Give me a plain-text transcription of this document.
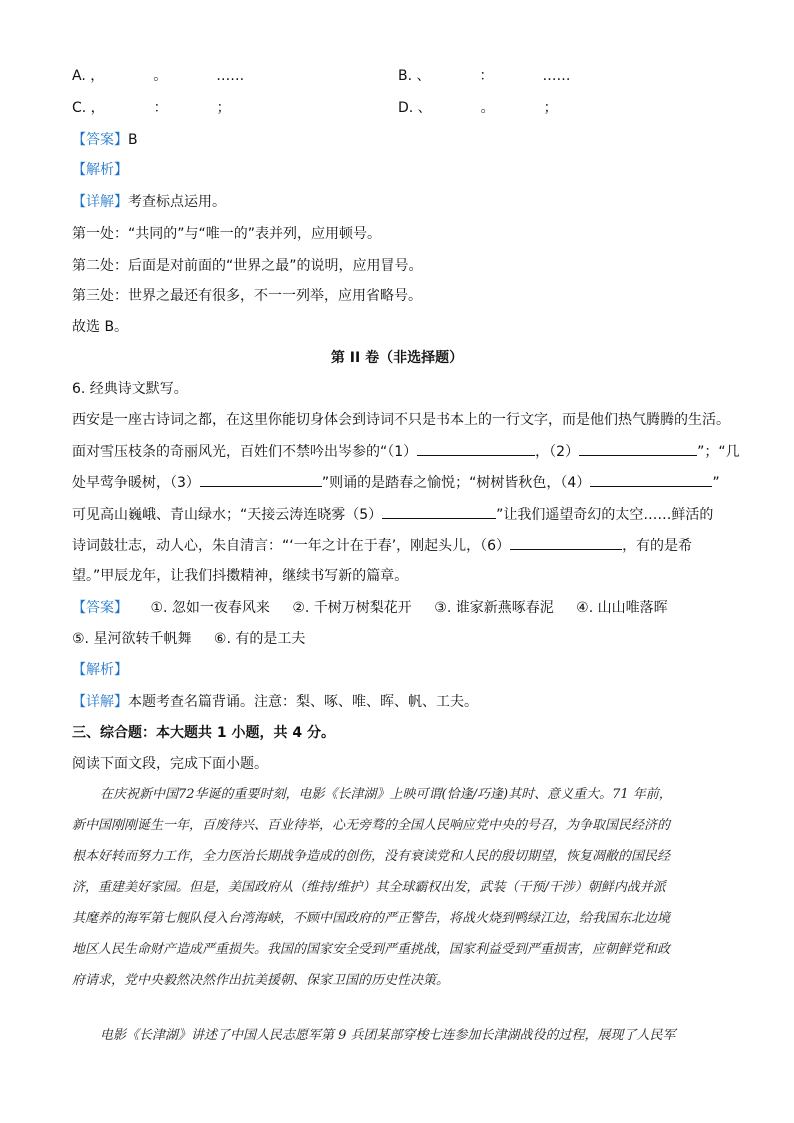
A. ，　　　　。　　　　……	B. 、　　　　：　　　　……
C. ，　　　　：　　　　；	D. 、　　　　。　　　　；
【答案】B
【解析】
【详解】考查标点运用。
第一处：“共同的”与“唯一的”表并列，应用顿号。
第二处：后面是对前面的“世界之最”的说明，应用冒号。
第三处：世界之最还有很多，不一一列举，应用省略号。
故选 B。
第 II 卷（非选择题）
6. 经典诗文默写。
西安是一座古诗词之都，在这里你能切身体会到诗词不只是书本上的一行文字，而是他们热气腾腾的生活。
面对雪压枝条的奇丽风光，百姓们不禁吟出岑参的“（1）	，（2）	”；“几
处早莺争暖树，（3）	”则诵的是踏春之愉悦；“树树皆秋色，（4）	”
可见高山巍峨、青山绿水；“天接云涛连晓雾（5）	”让我们遥望奇幻的太空……鲜活的
诗词鼓壮志，动人心，朱自清言：“‘一年之计在于春’，刚起头儿，（6）	，有的是希
望。”甲辰龙年，让我们抖擞精神，继续书写新的篇章。
【答案】 ①. 忽如一夜春风来 ②. 千树万树梨花开 ③. 谁家新燕啄春泥 ④. 山山唯落晖
⑤. 星河欲转千帆舞 ⑥. 有的是工夫
【解析】
【详解】本题考查名篇背诵。注意：梨、啄、唯、晖、帆、工夫。
三、综合题：本大题共 1 小题，共 4 分。
阅读下面文段，完成下面小题。
在庆祝新中国72华诞的重要时刻，电影《长津湖》上映可谓(恰逢/巧逢)其时、意义重大。71 年前，
新中国刚刚诞生一年，百废待兴、百业待举，心无旁骛的全国人民响应党中央的号召，为争取国民经济的
根本好转而努力工作，全力医治长期战争造成的创伤，没有衰读党和人民的殷切期望，恢复凋敝的国民经
济，重建美好家园。但是，美国政府从（维持/维护）其全球霸权出发，武装（干预/干涉）朝鲜内战并派
其麾养的海军第七舰队侵入台湾海峡，不顾中国政府的严正警告，将战火烧到鸭绿江边，给我国东北边境
地区人民生命财产造成严重损失。我国的国家安全受到严重挑战，国家利益受到严重损害，应朝鲜党和政
府请求，党中央毅然决然作出抗美援朝、保家卫国的历史性决策。
电影《长津湖》讲述了中国人民志愿军第 9 兵团某部穿梭七连参加长津湖战役的过程，展现了人民军
